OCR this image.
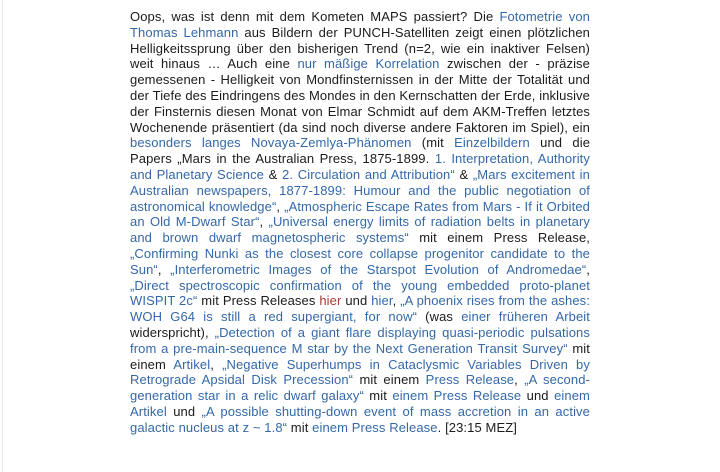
Oops, was ist denn mit dem Kometen MAPS passiert? Die Fotometrie von Thomas Lehmann aus Bildern der PUNCH-Satelliten zeigt einen plötzlichen Helligkeitssprung über den bisherigen Trend (n=2, wie ein inaktiver Felsen) weit hinaus … Auch eine nur mäßige Korrelation zwischen der - präzise gemessenen - Helligkeit von Mondfinsternissen in der Mitte der Totalität und der Tiefe des Eindringens des Mondes in den Kernschatten der Erde, inklusive der Finsternis diesen Monat von Elmar Schmidt auf dem AKM-Treffen letztes Wochenende präsentiert (da sind noch diverse andere Faktoren im Spiel), ein besonders langes Novaya-Zemlya-Phänomen (mit Einzelbildern und die Papers „Mars in the Australian Press, 1875-1899. 1. Interpretation, Authority and Planetary Science & 2. Circulation and Attribution“ & „Mars excitement in Australian newspapers, 1877-1899: Humour and the public negotiation of astronomical knowledge“, „Atmospheric Escape Rates from Mars - If it Orbited an Old M-Dwarf Star“, „Universal energy limits of radiation belts in planetary and brown dwarf magnetospheric systems“ mit einem Press Release, „Confirming Nunki as the closest core collapse progenitor candidate to the Sun“, „Interferometric Images of the Starspot Evolution of Andromedae“, „Direct spectroscopic confirmation of the young embedded proto-planet WISPIT 2c“ mit Press Releases hier und hier, „A phoenix rises from the ashes: WOH G64 is still a red supergiant, for now“ (was einer früheren Arbeit widerspricht), „Detection of a giant flare displaying quasi-periodic pulsations from a pre-main-sequence M star by the Next Generation Transit Survey“ mit einem Artikel, „Negative Superhumps in Cataclysmic Variables Driven by Retrograde Apsidal Disk Precession“ mit einem Press Release, „A second-generation star in a relic dwarf galaxy“ mit einem Press Release und einem Artikel und „A possible shutting-down event of mass accretion in an active galactic nucleus at z ~ 1.8“ mit einem Press Release. [23:15 MEZ]
